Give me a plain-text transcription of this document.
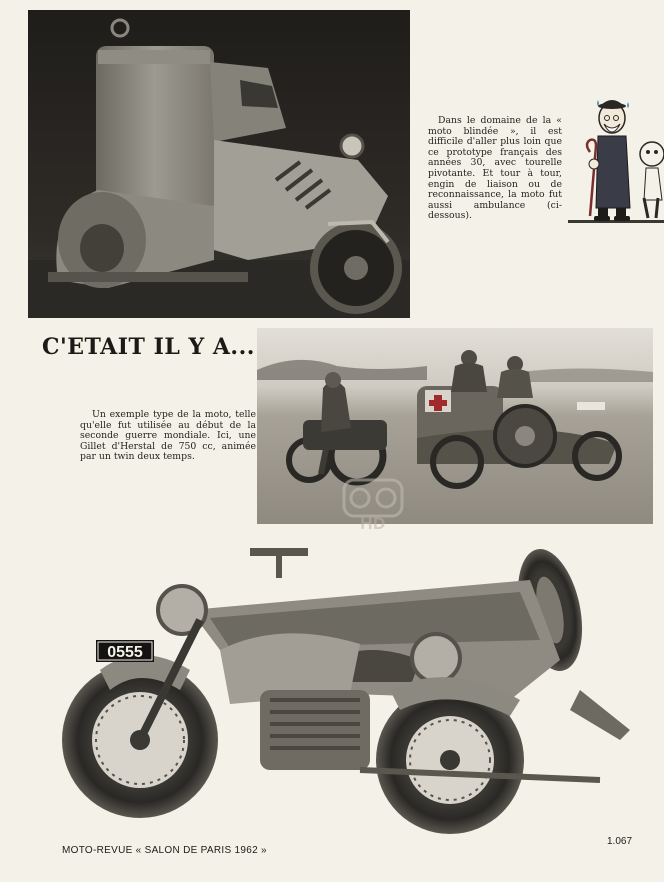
Dans le domaine de la « moto blindée », il est difficile d'aller plus loin que ce prototype français des années 30, avec tourelle pivotante. Et tour à tour, engin de liaison ou de reconnaissance, la moto fut aussi ambulance (ci-dessous).
C'ETAIT IL Y A...
Un exemple type de la moto, telle qu'elle fut utilisée au début de la seconde guerre mondiale. Ici, une Gillet d'Herstal de 750 cc, animée par un twin deux temps.
HD
0555
MOTO-REVUE « SALON DE PARIS 1962 »
1.067
